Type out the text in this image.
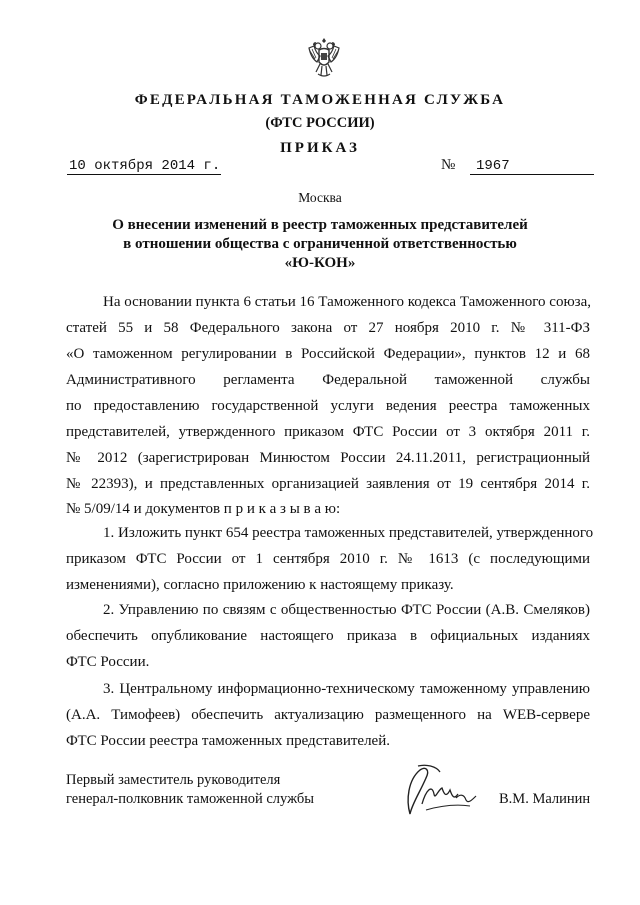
ФЕДЕРАЛЬНАЯ ТАМОЖЕННАЯ СЛУЖБА
(ФТС РОССИИ)
ПРИКАЗ
10 октября 2014 г.	№	1967
Москва
О внесении изменений в реестр таможенных представителей
в отношении общества с ограниченной ответственностью
«Ю-КОН»
На основании пункта 6 статьи 16 Таможенного кодекса Таможенного союза,
статей 55 и 58 Федерального закона от 27 ноября 2010 г. № 311-ФЗ
«О таможенном регулировании в Российской Федерации», пунктов 12 и 68
Административного регламента Федеральной таможенной службы
по предоставлению государственной услуги ведения реестра таможенных
представителей, утвержденного приказом ФТС России от 3 октября 2011 г.
№ 2012 (зарегистрирован Минюстом России 24.11.2011, регистрационный
№ 22393), и представленных организацией заявления от 19 сентября 2014 г.
№ 5/09/14 и документов п р и к а з ы в а ю:
1. Изложить пункт 654 реестра таможенных представителей, утвержденного
приказом ФТС России от 1 сентября 2010 г. № 1613 (с последующими
изменениями), согласно приложению к настоящему приказу.
2. Управлению по связям с общественностью ФТС России (А.В. Смеляков)
обеспечить опубликование настоящего приказа в официальных изданиях
ФТС России.
3. Центральному информационно-техническому таможенному управлению
(А.А. Тимофеев) обеспечить актуализацию размещенного на WEB-сервере
ФТС России реестра таможенных представителей.
Первый заместитель руководителя
генерал-полковник таможенной службы	В.М. Малинин
